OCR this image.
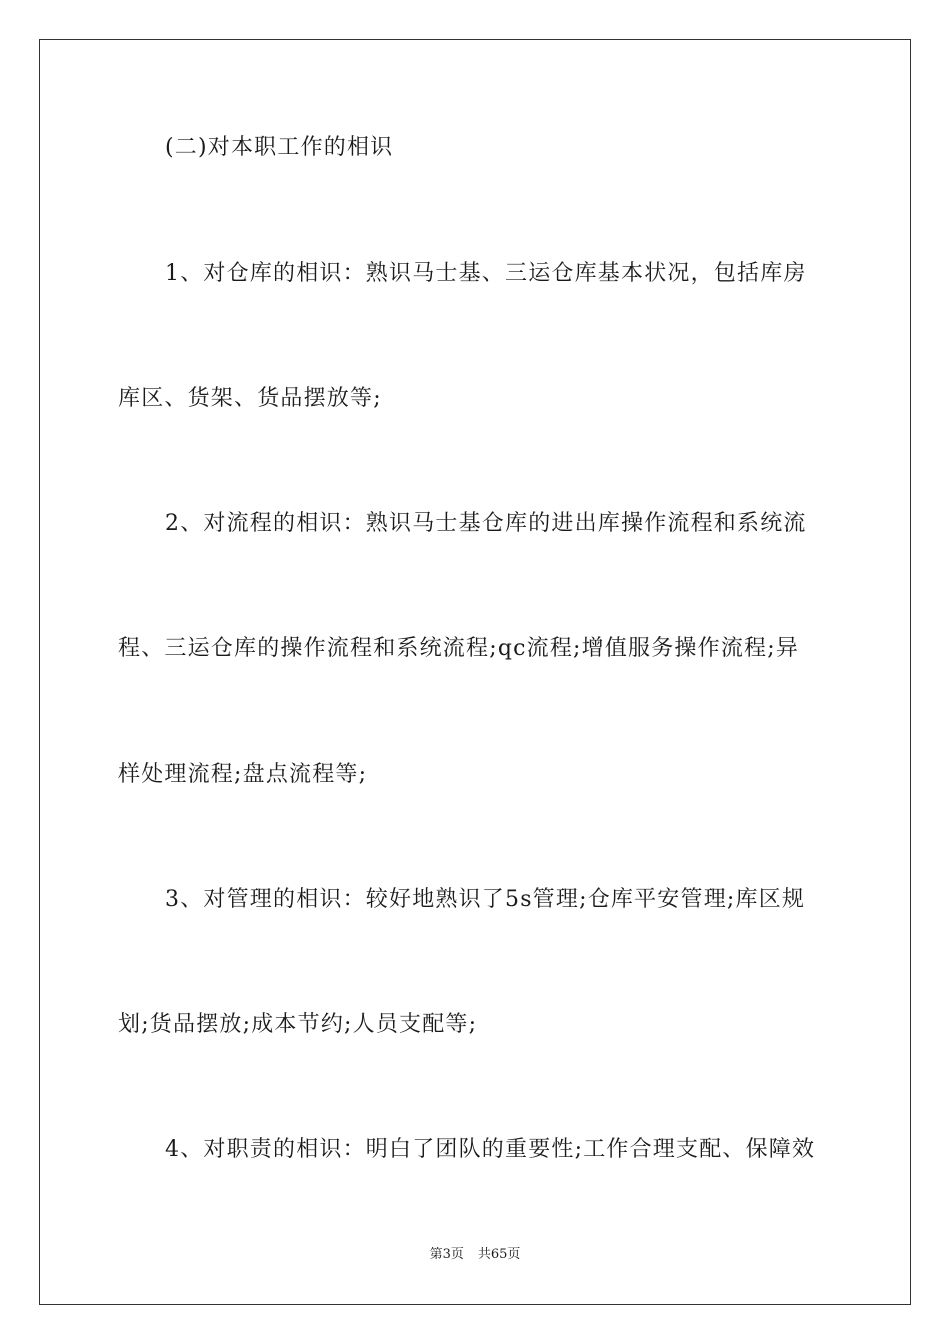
(二)对本职工作的相识
1、对仓库的相识：熟识马士基、三运仓库基本状况，包括库房
库区、货架、货品摆放等;
2、对流程的相识：熟识马士基仓库的进出库操作流程和系统流
程、三运仓库的操作流程和系统流程;qc流程;增值服务操作流程;异
样处理流程;盘点流程等;
3、对管理的相识：较好地熟识了5s管理;仓库平安管理;库区规
划;货品摆放;成本节约;人员支配等;
4、对职责的相识：明白了团队的重要性;工作合理支配、保障效
第3页 共65页
